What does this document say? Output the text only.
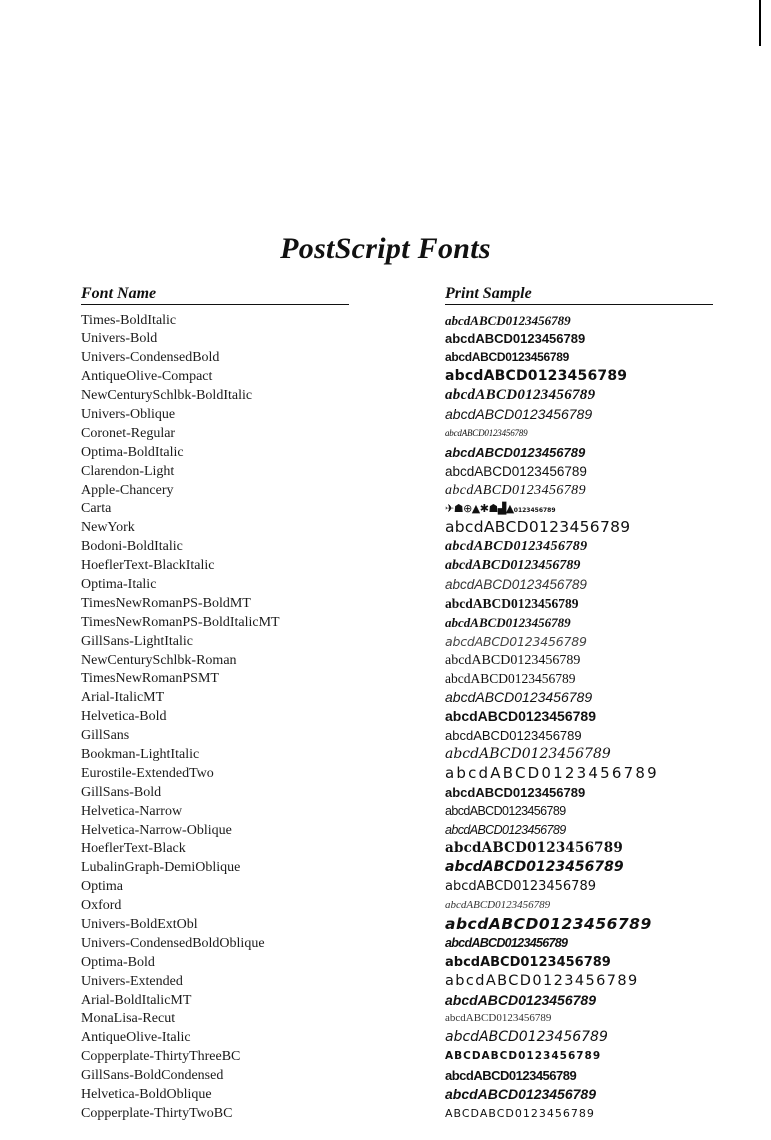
PostScript Fonts
Font Name	Print Sample
Times-BoldItalic	abcdABCD0123456789
Univers-Bold	abcdABCD0123456789
Univers-CondensedBold	abcdABCD0123456789
AntiqueOlive-Compact	abcdABCD0123456789
NewCenturySchlbk-BoldItalic	abcdABCD0123456789
Univers-Oblique	abcdABCD0123456789
Coronet-Regular	abcdABCD0123456789
Optima-BoldItalic	abcdABCD0123456789
Clarendon-Light	abcdABCD0123456789
Apple-Chancery	abcdABCD0123456789
Carta	✈☗⊕▲✱☗▟▲0123456789
NewYork	abcdABCD0123456789
Bodoni-BoldItalic	abcdABCD0123456789
HoeflerText-BlackItalic	abcdABCD0123456789
Optima-Italic	abcdABCD0123456789
TimesNewRomanPS-BoldMT	abcdABCD0123456789
TimesNewRomanPS-BoldItalicMT	abcdABCD0123456789
GillSans-LightItalic	abcdABCD0123456789
NewCenturySchlbk-Roman	abcdABCD0123456789
TimesNewRomanPSMT	abcdABCD0123456789
Arial-ItalicMT	abcdABCD0123456789
Helvetica-Bold	abcdABCD0123456789
GillSans	abcdABCD0123456789
Bookman-LightItalic	abcdABCD0123456789
Eurostile-ExtendedTwo	abcdABCD0123456789
GillSans-Bold	abcdABCD0123456789
Helvetica-Narrow	abcdABCD0123456789
Helvetica-Narrow-Oblique	abcdABCD0123456789
HoeflerText-Black	abcdABCD0123456789
LubalinGraph-DemiOblique	abcdABCD0123456789
Optima	abcdABCD0123456789
Oxford	abcdABCD0123456789
Univers-BoldExtObl	abcdABCD0123456789
Univers-CondensedBoldOblique	abcdABCD0123456789
Optima-Bold	abcdABCD0123456789
Univers-Extended	abcdABCD0123456789
Arial-BoldItalicMT	abcdABCD0123456789
MonaLisa-Recut	abcdABCD0123456789
AntiqueOlive-Italic	abcdABCD0123456789
Copperplate-ThirtyThreeBC	ABCDABCD0123456789
GillSans-BoldCondensed	abcdABCD0123456789
Helvetica-BoldOblique	abcdABCD0123456789
Copperplate-ThirtyTwoBC	ABCDABCD0123456789
